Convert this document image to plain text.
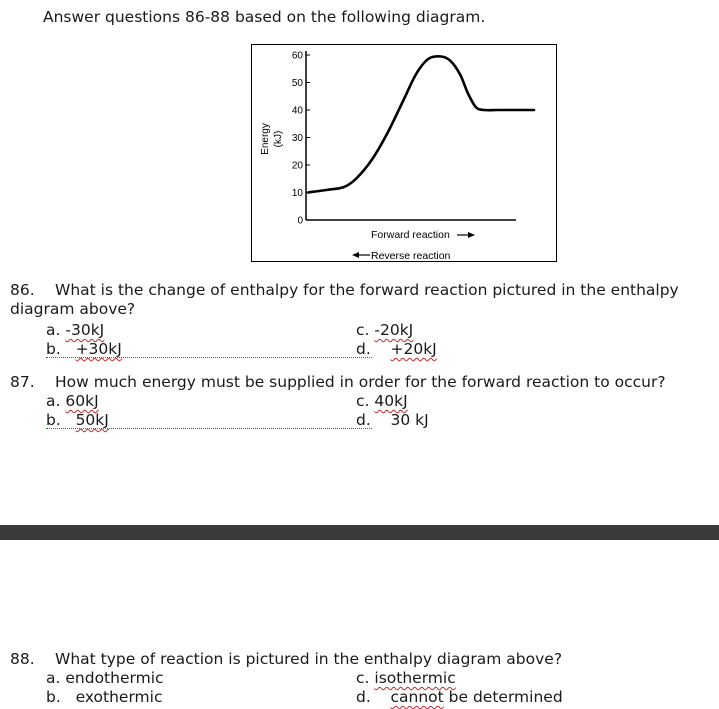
Answer questions 86-88 based on the following diagram.
0
10
20
30
40
50
60
Energy (kJ)
Forward reaction
Reverse reaction
86. What is the change of enthalpy for the forward reaction pictured in the enthalpy diagram above?
a. -30kJ	c. -20kJ
b. +30kJ	d. +20kJ
87. How much energy must be supplied in order for the forward reaction to occur?
a. 60kJ	c. 40kJ
b. 50kJ	d. 30 kJ
88. What type of reaction is pictured in the enthalpy diagram above?
a. endothermic	c. isothermic
b. exothermic	d. cannot be determined
